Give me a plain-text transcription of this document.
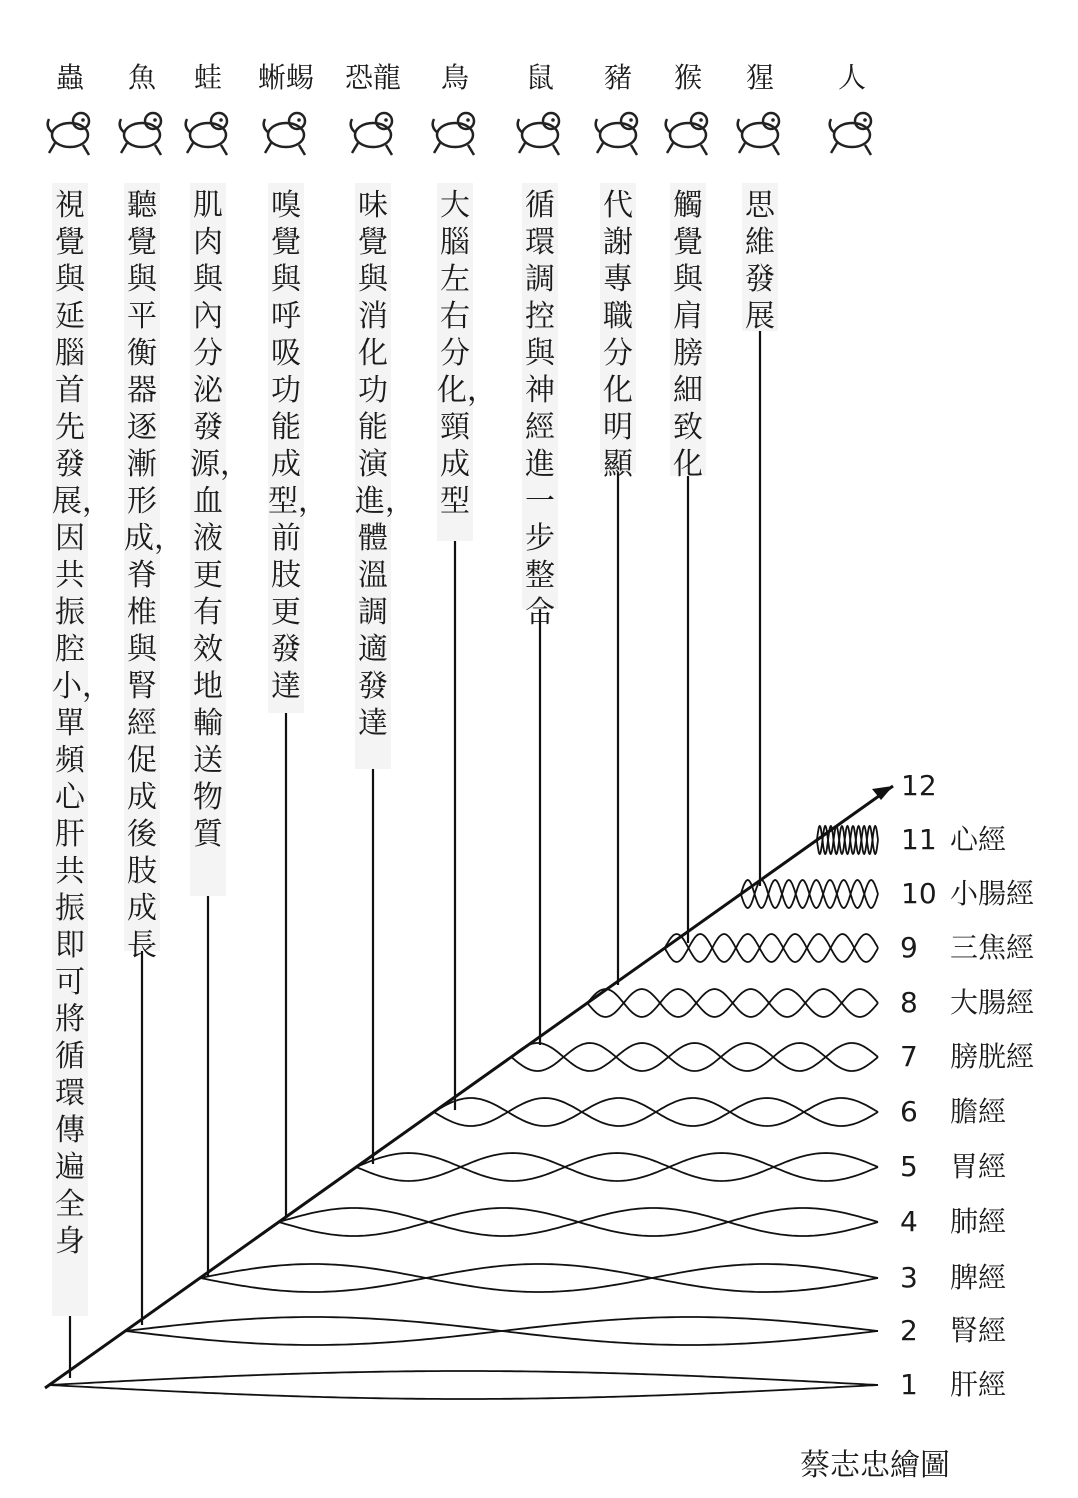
蔡志忠繪圖
蟲
視覺與延腦首先發展，因共振腔小，單頻心肝共振即可將循環傳遍全身
魚
聽覺與平衡器逐漸形成，脊椎與腎經促成後肢成長
蛙
肌肉與內分泌發源，血液更有效地輸送物質
蜥蜴
嗅覺與呼吸功能成型，前肢更發達
恐龍
味覺與消化功能演進，體溫調適發達
鳥
大腦左右分化，頸成型
鼠
循環調控與神經進一步整合
豬
代謝專職分化明顯
猴
觸覺與肩膀細致化
猩
思維發展
人
1 肝經
2 腎經
3 脾經
4 肺經
5 胃經
6 膽經
7 膀胱經
8 大腸經
9 三焦經
10 小腸經
11 心經
12
